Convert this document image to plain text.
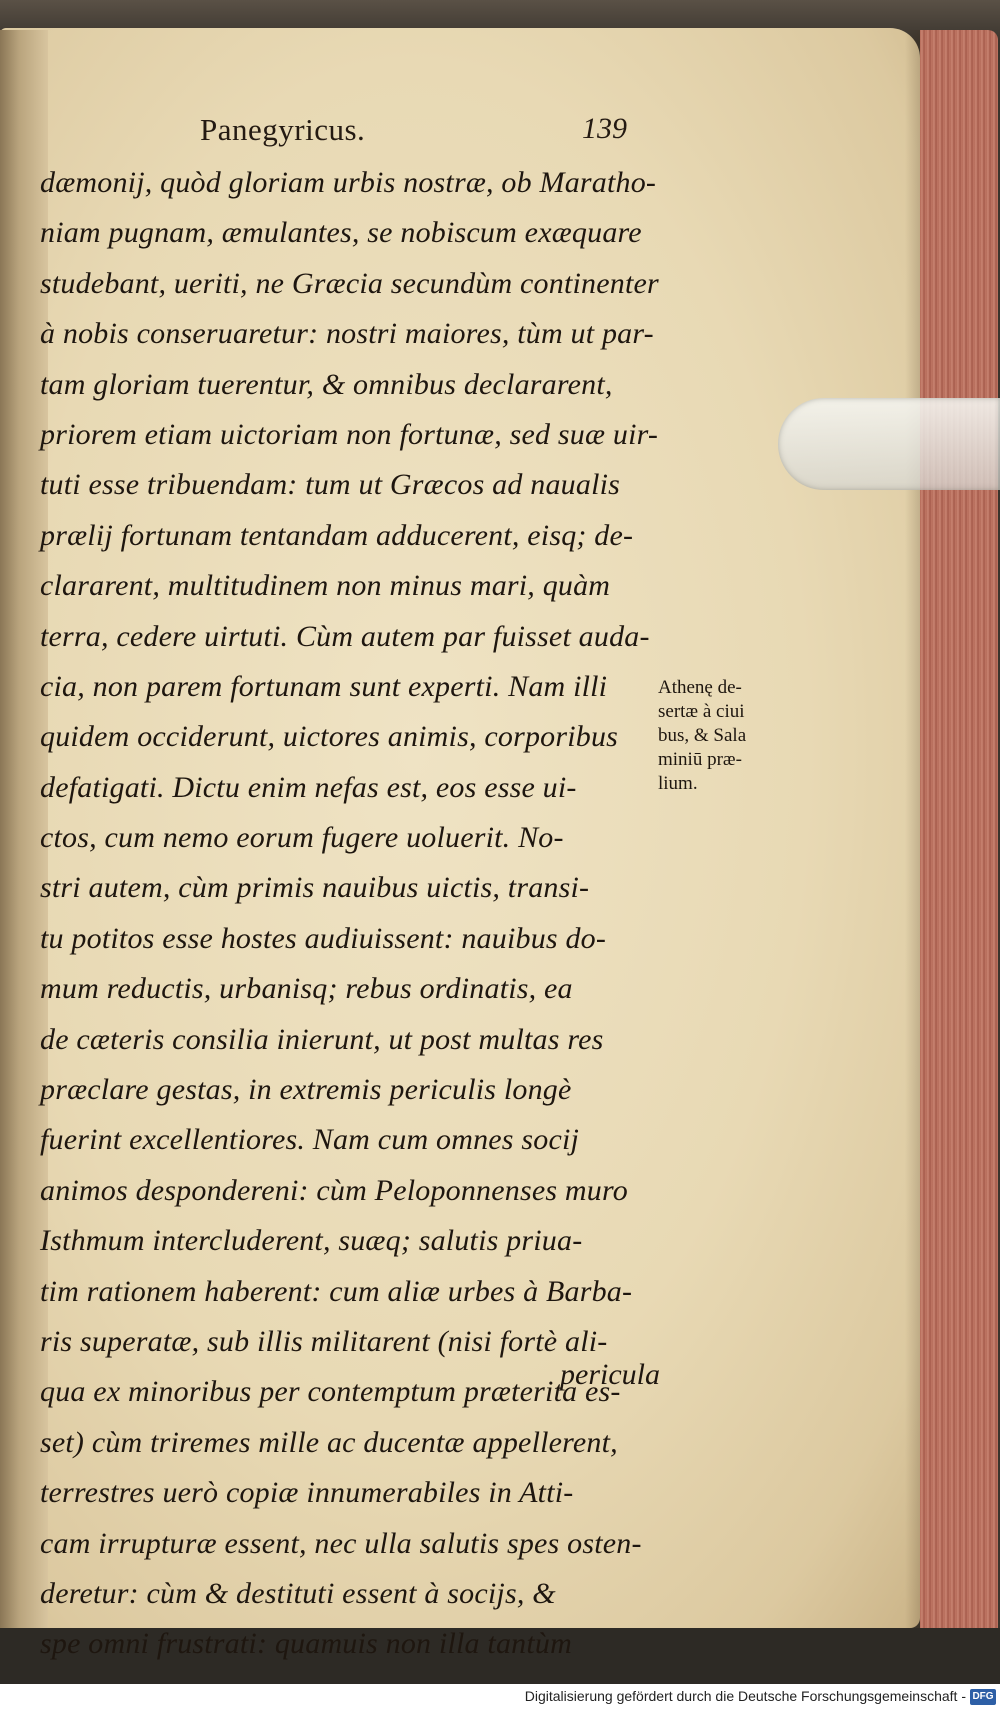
Panegyricus.	139
dæmonij, quòd gloriam urbis nostræ, ob Maratho-
niam pugnam, æmulantes, se nobiscum exæquare
studebant, ueriti, ne Græcia secundùm continenter
à nobis conseruaretur: nostri maiores, tùm ut par-
tam gloriam tuerentur, & omnibus declararent,
priorem etiam uictoriam non fortunæ, sed suæ uir-
tuti esse tribuendam: tum ut Græcos ad naualis
prælij fortunam tentandam adducerent, eisq; de-
clararent, multitudinem non minus mari, quàm
terra, cedere uirtuti. Cùm autem par fuisset auda-
cia, non parem fortunam sunt experti. Nam illi
quidem occiderunt, uictores animis, corporibus
defatigati. Dictu enim nefas est, eos esse ui-
ctos, cum nemo eorum fugere uoluerit. No-
stri autem, cùm primis nauibus uictis, transi-
tu potitos esse hostes audiuissent: nauibus do-
mum reductis, urbanisq; rebus ordinatis, ea
de cæteris consilia inierunt, ut post multas res
præclare gestas, in extremis periculis longè
fuerint excellentiores. Nam cum omnes socij
animos despondereni: cùm Peloponnenses muro
Isthmum intercluderent, suæq; salutis priua-
tim rationem haberent: cum aliæ urbes à Barba-
ris superatæ, sub illis militarent (nisi fortè ali-
qua ex minoribus per contemptum præterita es-
set) cùm triremes mille ac ducentæ appellerent,
terrestres uerò copiæ innumerabiles in Atti-
cam irrupturæ essent, nec ulla salutis spes osten-
deretur: cùm & destituti essent à socijs, &
spe omni frustrati: quamuis non illa tantùm
pericula
Athenę de-
sertæ à ciui
bus, & Sala
miniū præ-
lium.
Digitalisierung gefördert durch die Deutsche Forschungsgemeinschaft - DFG
